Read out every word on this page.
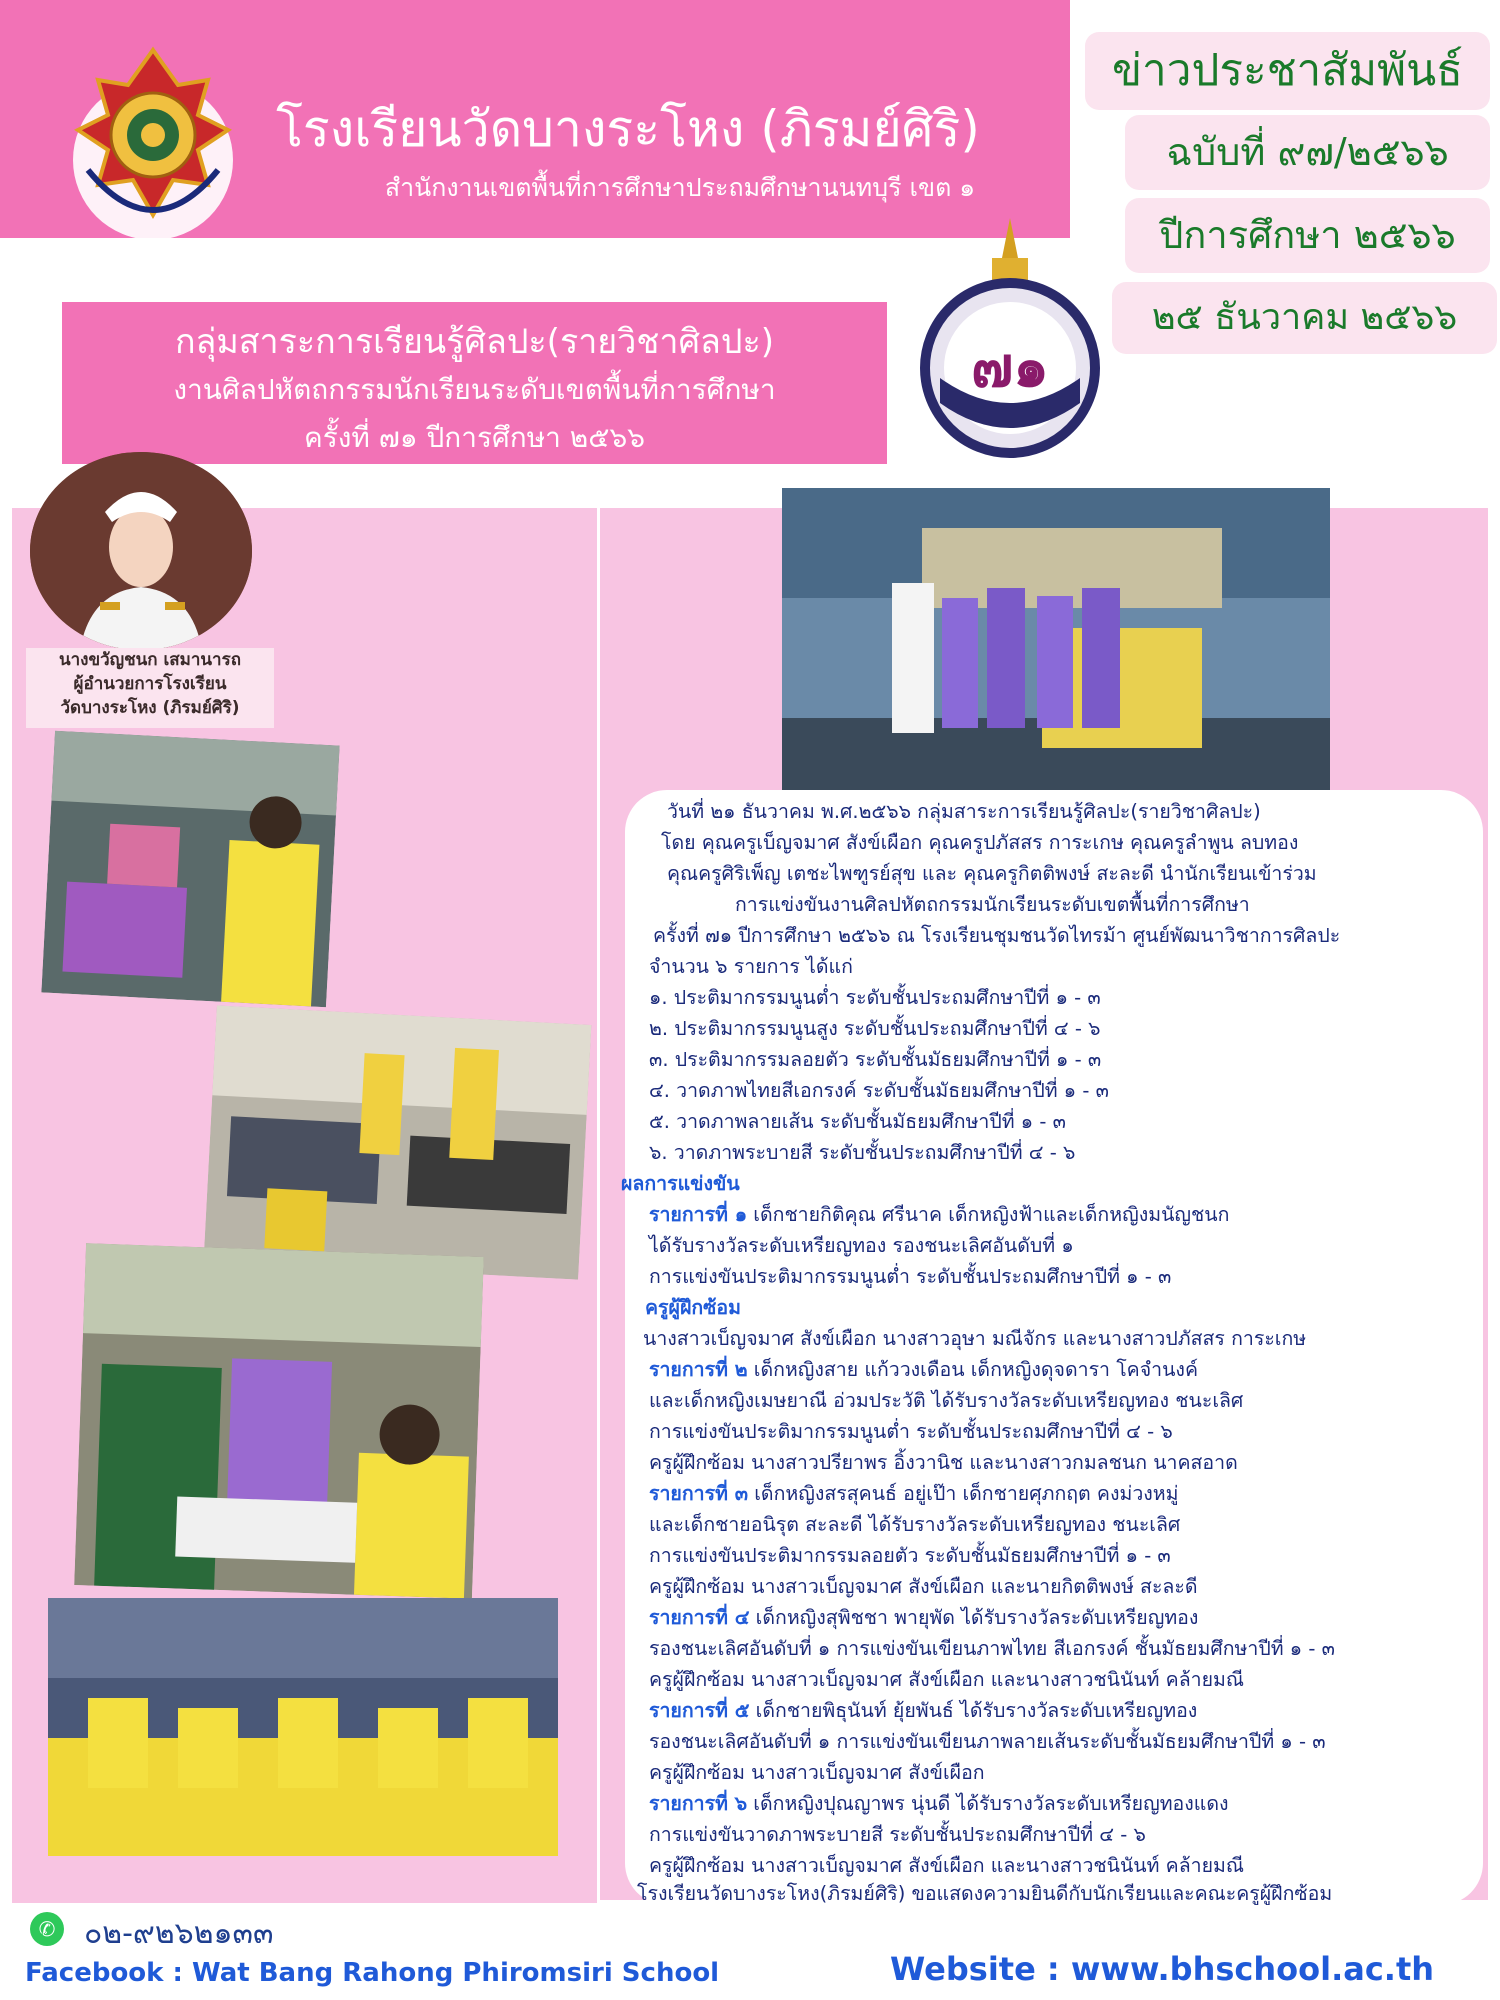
โรงเรียนวัดบางระโหง (ภิรมย์ศิริ)
สำนักงานเขตพื้นที่การศึกษาประถมศึกษานนทบุรี เขต ๑
ข่าวประชาสัมพันธ์
ฉบับที่ ๙๗/๒๕๖๖
ปีการศึกษา ๒๕๖๖
๒๕ ธันวาคม ๒๕๖๖
กลุ่มสาระการเรียนรู้ศิลปะ(รายวิชาศิลปะ)
งานศิลปหัตถกรรมนักเรียนระดับเขตพื้นที่การศึกษา
ครั้งที่ ๗๑ ปีการศึกษา ๒๕๖๖
๗๑
นางขวัญชนก เสมานารถ
ผู้อำนวยการโรงเรียน
วัดบางระโหง (ภิรมย์ศิริ)
วันที่ ๒๑ ธันวาคม พ.ศ.๒๕๖๖ กลุ่มสาระการเรียนรู้ศิลปะ(รายวิชาศิลปะ)
โดย คุณครูเบ็ญจมาศ สังข์เผือก คุณครูปภัสสร การะเกษ คุณครูลำพูน ลบทอง
คุณครูศิริเพ็ญ เตชะไพฑูรย์สุข และ คุณครูกิตติพงษ์ สะละดี นำนักเรียนเข้าร่วม
การแข่งขันงานศิลปหัตถกรรมนักเรียนระดับเขตพื้นที่การศึกษา
ครั้งที่ ๗๑ ปีการศึกษา ๒๕๖๖ ณ โรงเรียนชุมชนวัดไทรม้า ศูนย์พัฒนาวิชาการศิลปะ
จำนวน ๖ รายการ ได้แก่
๑. ประติมากรรมนูนต่ำ ระดับชั้นประถมศึกษาปีที่ ๑ - ๓
๒. ประติมากรรมนูนสูง ระดับชั้นประถมศึกษาปีที่ ๔ - ๖
๓. ประติมากรรมลอยตัว ระดับชั้นมัธยมศึกษาปีที่ ๑ - ๓
๔. วาดภาพไทยสีเอกรงค์ ระดับชั้นมัธยมศึกษาปีที่ ๑ - ๓
๕. วาดภาพลายเส้น ระดับชั้นมัธยมศึกษาปีที่ ๑ - ๓
๖. วาดภาพระบายสี ระดับชั้นประถมศึกษาปีที่ ๔ - ๖
ผลการแข่งขัน
รายการที่ ๑ เด็กชายกิติคุณ ศรีนาค เด็กหญิงฟ้าและเด็กหญิงมนัญชนก
ได้รับรางวัลระดับเหรียญทอง รองชนะเลิศอันดับที่ ๑
การแข่งขันประติมากรรมนูนต่ำ ระดับชั้นประถมศึกษาปีที่ ๑ - ๓
ครูผู้ฝึกซ้อม
นางสาวเบ็ญจมาศ สังข์เผือก นางสาวอุษา มณีจักร และนางสาวปภัสสร การะเกษ
รายการที่ ๒ เด็กหญิงสาย แก้ววงเดือน เด็กหญิงดุจดารา โคจำนงค์
และเด็กหญิงเมษยาณี อ่วมประวัติ ได้รับรางวัลระดับเหรียญทอง ชนะเลิศ
การแข่งขันประติมากรรมนูนต่ำ ระดับชั้นประถมศึกษาปีที่ ๔ - ๖
ครูผู้ฝึกซ้อม นางสาวปรียาพร อิ้งวานิช และนางสาวกมลชนก นาคสอาด
รายการที่ ๓ เด็กหญิงสรสุคนธ์ อยู่เป๊า เด็กชายศุภกฤต คงม่วงหมู่
และเด็กชายอนิรุต สะละดี ได้รับรางวัลระดับเหรียญทอง ชนะเลิศ
การแข่งขันประติมากรรมลอยตัว ระดับชั้นมัธยมศึกษาปีที่ ๑ - ๓
ครูผู้ฝึกซ้อม นางสาวเบ็ญจมาศ สังข์เผือก และนายกิตติพงษ์ สะละดี
รายการที่ ๔ เด็กหญิงสุพิชชา พายุพัด ได้รับรางวัลระดับเหรียญทอง
รองชนะเลิศอันดับที่ ๑ การแข่งขันเขียนภาพไทย สีเอกรงค์ ชั้นมัธยมศึกษาปีที่ ๑ - ๓
ครูผู้ฝึกซ้อม นางสาวเบ็ญจมาศ สังข์เผือก และนางสาวชนินันท์ คล้ายมณี
รายการที่ ๕ เด็กชายพิธุนันท์ ยุ้ยพันธ์ ได้รับรางวัลระดับเหรียญทอง
รองชนะเลิศอันดับที่ ๑ การแข่งขันเขียนภาพลายเส้นระดับชั้นมัธยมศึกษาปีที่ ๑ - ๓
ครูผู้ฝึกซ้อม นางสาวเบ็ญจมาศ สังข์เผือก
รายการที่ ๖ เด็กหญิงปุณญาพร นุ่นดี ได้รับรางวัลระดับเหรียญทองแดง
การแข่งขันวาดภาพระบายสี ระดับชั้นประถมศึกษาปีที่ ๔ - ๖
ครูผู้ฝึกซ้อม นางสาวเบ็ญจมาศ สังข์เผือก และนางสาวชนินันท์ คล้ายมณี
โรงเรียนวัดบางระโหง(ภิรมย์ศิริ) ขอแสดงความยินดีกับนักเรียนและคณะครูผู้ฝึกซ้อม
✆ ๐๒-๙๒๖๒๑๓๓
Facebook : Wat Bang Rahong Phiromsiri School	Website : www.bhschool.ac.th
